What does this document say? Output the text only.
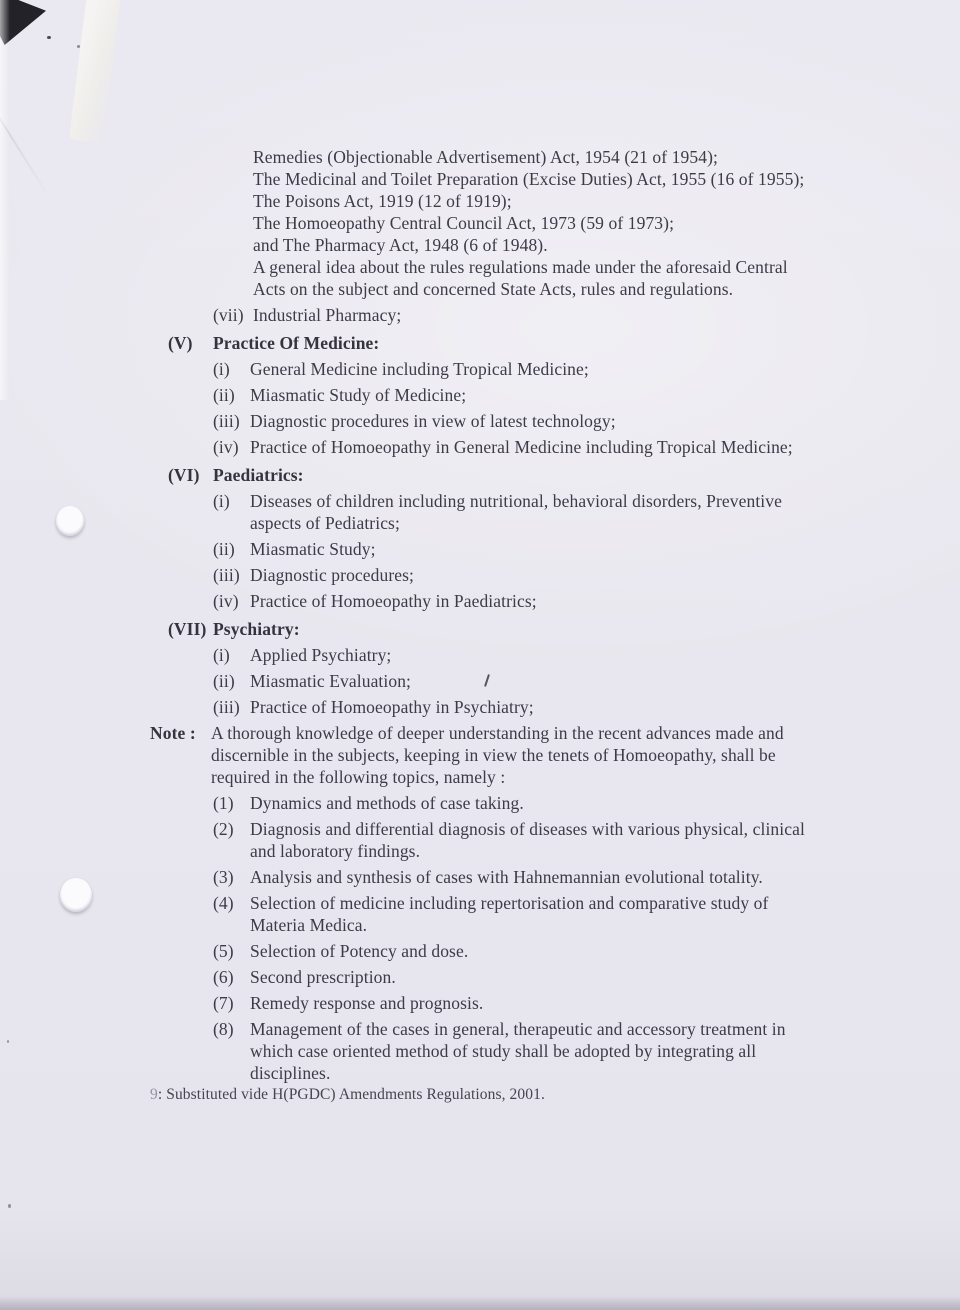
Remedies (Objectionable Advertisement) Act, 1954 (21 of 1954);

The Medicinal and Toilet Preparation (Excise Duties) Act, 1955 (16 of 1955);

The Poisons Act, 1919 (12 of 1919);

The Homoeopathy Central Council Act, 1973 (59 of 1973);

and The Pharmacy Act, 1948 (6 of 1948).

A general idea about the rules regulations made under the aforesaid Central Acts on the subject and concerned State Acts, rules and regulations.

(vii) Industrial Pharmacy;
(V)	Practice Of Medicine:
(i)	General Medicine including Tropical Medicine;
(ii) Miasmatic Study of Medicine;
(iii) Diagnostic procedures in view of latest technology;
(iv) Practice of Homoeopathy in General Medicine including Tropical Medicine;
(VI) Paediatrics:
(i)	Diseases of children including nutritional, behavioral disorders, Preventive aspects of Pediatrics;
(ii) Miasmatic Study;
(iii) Diagnostic procedures;
(iv) Practice of Homoeopathy in Paediatrics;
(VII) Psychiatry:
(i)	Applied Psychiatry;
(ii) Miasmatic Evaluation;
(iii) Practice of Homoeopathy in Psychiatry;
Note : A thorough knowledge of deeper understanding in the recent advances made and discernible in the subjects, keeping in view the tenets of Homoeopathy, shall be required in the following topics, namely :
(1) Dynamics and methods of case taking.
(2) Diagnosis and differential diagnosis of diseases with various physical, clinical and laboratory findings.
(3) Analysis and synthesis of cases with Hahnemannian evolutional totality.
(4) Selection of medicine including repertorisation and comparative study of Materia Medica.
(5) Selection of Potency and dose.
(6) Second prescription.
(7) Remedy response and prognosis.
(8) Management of the cases in general, therapeutic and accessory treatment in which case oriented method of study shall be adopted by integrating all disciplines.
9: Substituted vide H(PGDC) Amendments Regulations, 2001.
